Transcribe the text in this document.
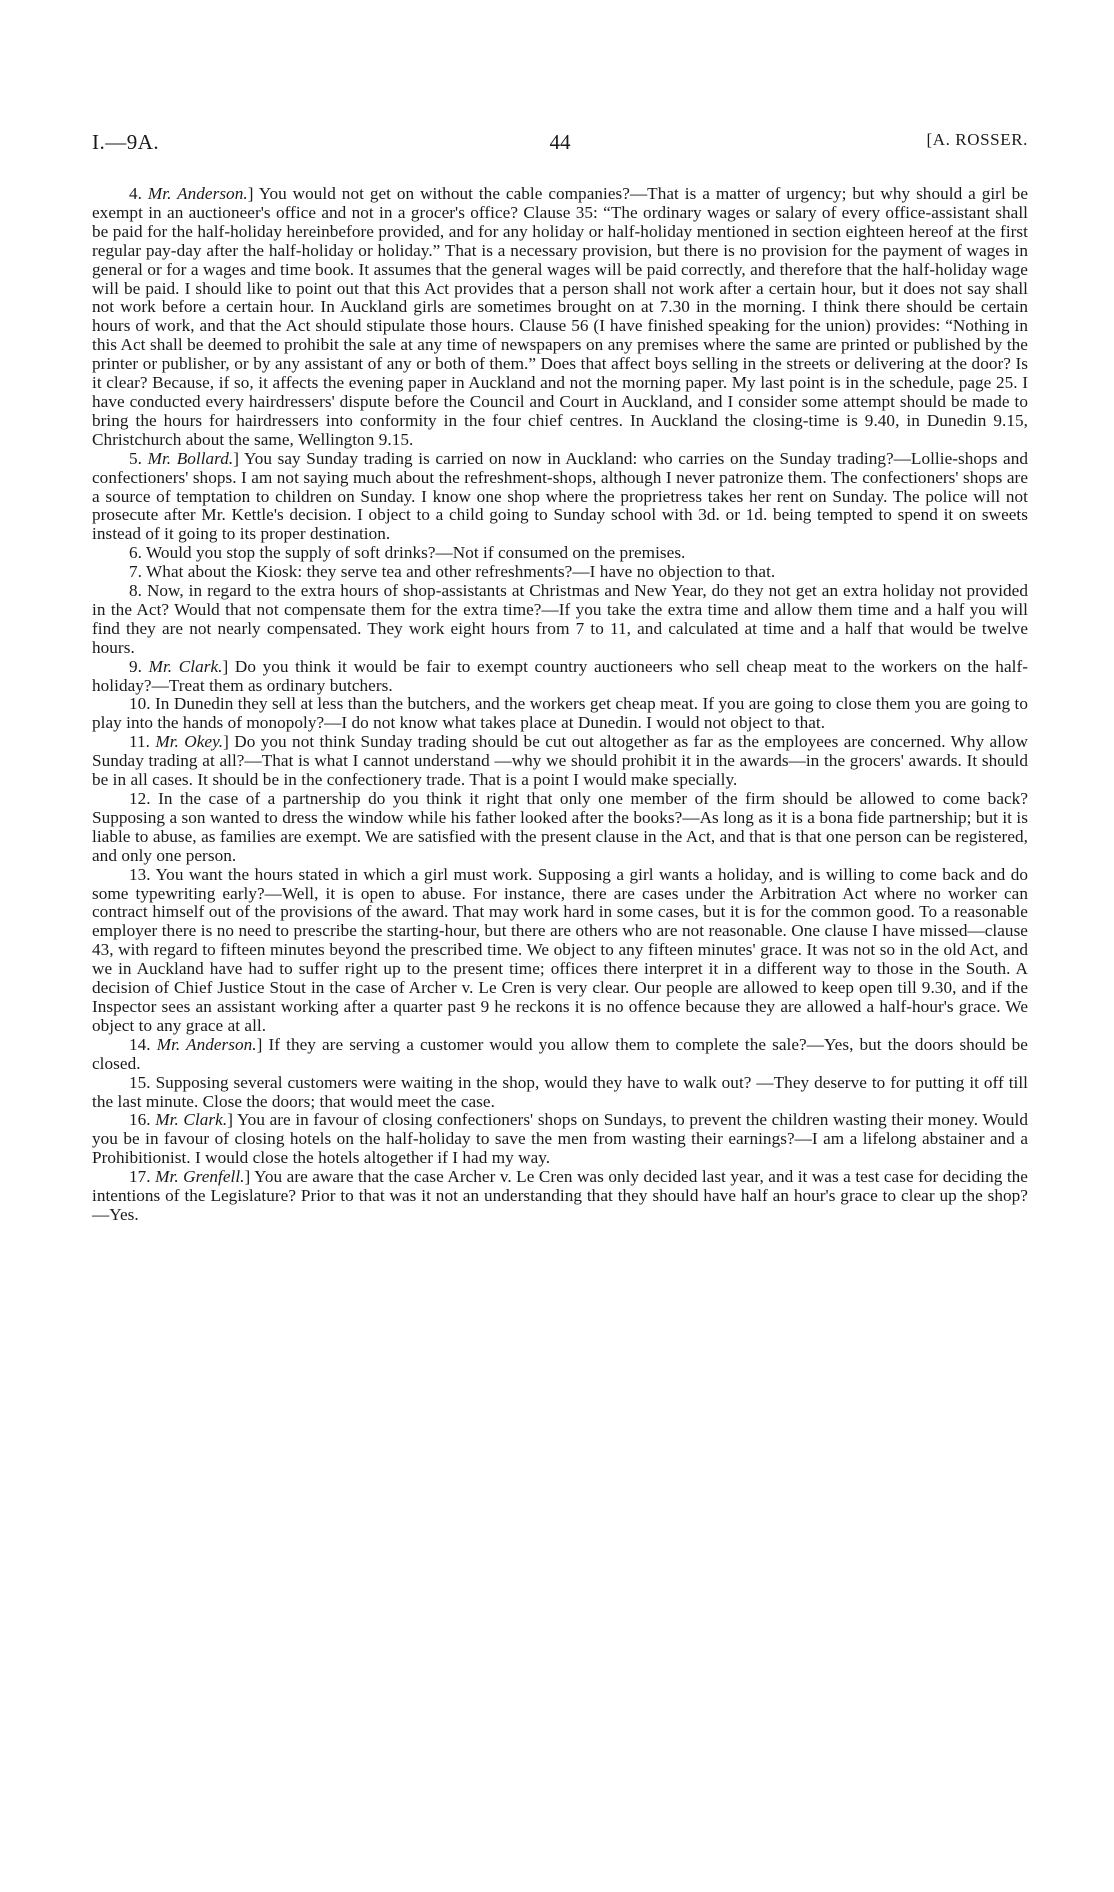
I.—9A.	44	[A. ROSSER.

4. Mr. Anderson.] You would not get on without the cable companies?—That is a matter of urgency; but why should a girl be exempt in an auctioneer's office and not in a grocer's office? Clause 35: “The ordinary wages or salary of every office-assistant shall be paid for the half-holiday hereinbefore provided, and for any holiday or half-holiday mentioned in section eighteen hereof at the first regular pay-day after the half-holiday or holiday.” That is a necessary provision, but there is no provision for the payment of wages in general or for a wages and time book. It assumes that the general wages will be paid correctly, and therefore that the half-holiday wage will be paid. I should like to point out that this Act provides that a person shall not work after a certain hour, but it does not say shall not work before a certain hour. In Auckland girls are sometimes brought on at 7.30 in the morning. I think there should be certain hours of work, and that the Act should stipulate those hours. Clause 56 (I have finished speaking for the union) provides: “Nothing in this Act shall be deemed to prohibit the sale at any time of newspapers on any premises where the same are printed or published by the printer or publisher, or by any assistant of any or both of them.” Does that affect boys selling in the streets or delivering at the door? Is it clear? Because, if so, it affects the evening paper in Auckland and not the morning paper. My last point is in the schedule, page 25. I have conducted every hairdressers' dispute before the Council and Court in Auckland, and I consider some attempt should be made to bring the hours for hairdressers into conformity in the four chief centres. In Auckland the closing-time is 9.40, in Dunedin 9.15, Christchurch about the same, Wellington 9.15.

5. Mr. Bollard.] You say Sunday trading is carried on now in Auckland: who carries on the Sunday trading?—Lollie-shops and confectioners' shops. I am not saying much about the refreshment-shops, although I never patronize them. The confectioners' shops are a source of temptation to children on Sunday. I know one shop where the proprietress takes her rent on Sunday. The police will not prosecute after Mr. Kettle's decision. I object to a child going to Sunday school with 3d. or 1d. being tempted to spend it on sweets instead of it going to its proper destination.

6. Would you stop the supply of soft drinks?—Not if consumed on the premises.

7. What about the Kiosk: they serve tea and other refreshments?—I have no objection to that.

8. Now, in regard to the extra hours of shop-assistants at Christmas and New Year, do they not get an extra holiday not provided in the Act? Would that not compensate them for the extra time?—If you take the extra time and allow them time and a half you will find they are not nearly compensated. They work eight hours from 7 to 11, and calculated at time and a half that would be twelve hours.

9. Mr. Clark.] Do you think it would be fair to exempt country auctioneers who sell cheap meat to the workers on the half-holiday?—Treat them as ordinary butchers.

10. In Dunedin they sell at less than the butchers, and the workers get cheap meat. If you are going to close them you are going to play into the hands of monopoly?—I do not know what takes place at Dunedin. I would not object to that.

11. Mr. Okey.] Do you not think Sunday trading should be cut out altogether as far as the employees are concerned. Why allow Sunday trading at all?—That is what I cannot understand —why we should prohibit it in the awards—in the grocers' awards. It should be in all cases. It should be in the confectionery trade. That is a point I would make specially.

12. In the case of a partnership do you think it right that only one member of the firm should be allowed to come back? Supposing a son wanted to dress the window while his father looked after the books?—As long as it is a bona fide partnership; but it is liable to abuse, as families are exempt. We are satisfied with the present clause in the Act, and that is that one person can be registered, and only one person.

13. You want the hours stated in which a girl must work. Supposing a girl wants a holiday, and is willing to come back and do some typewriting early?—Well, it is open to abuse. For instance, there are cases under the Arbitration Act where no worker can contract himself out of the provisions of the award. That may work hard in some cases, but it is for the common good. To a reasonable employer there is no need to prescribe the starting-hour, but there are others who are not reasonable. One clause I have missed—clause 43, with regard to fifteen minutes beyond the prescribed time. We object to any fifteen minutes' grace. It was not so in the old Act, and we in Auckland have had to suffer right up to the present time; offices there interpret it in a different way to those in the South. A decision of Chief Justice Stout in the case of Archer v. Le Cren is very clear. Our people are allowed to keep open till 9.30, and if the Inspector sees an assistant working after a quarter past 9 he reckons it is no offence because they are allowed a half-hour's grace. We object to any grace at all.

14. Mr. Anderson.] If they are serving a customer would you allow them to complete the sale?—Yes, but the doors should be closed.

15. Supposing several customers were waiting in the shop, would they have to walk out? —They deserve to for putting it off till the last minute. Close the doors; that would meet the case.

16. Mr. Clark.] You are in favour of closing confectioners' shops on Sundays, to prevent the children wasting their money. Would you be in favour of closing hotels on the half-holiday to save the men from wasting their earnings?—I am a lifelong abstainer and a Prohibitionist. I would close the hotels altogether if I had my way.

17. Mr. Grenfell.] You are aware that the case Archer v. Le Cren was only decided last year, and it was a test case for deciding the intentions of the Legislature? Prior to that was it not an understanding that they should have half an hour's grace to clear up the shop?—Yes.
